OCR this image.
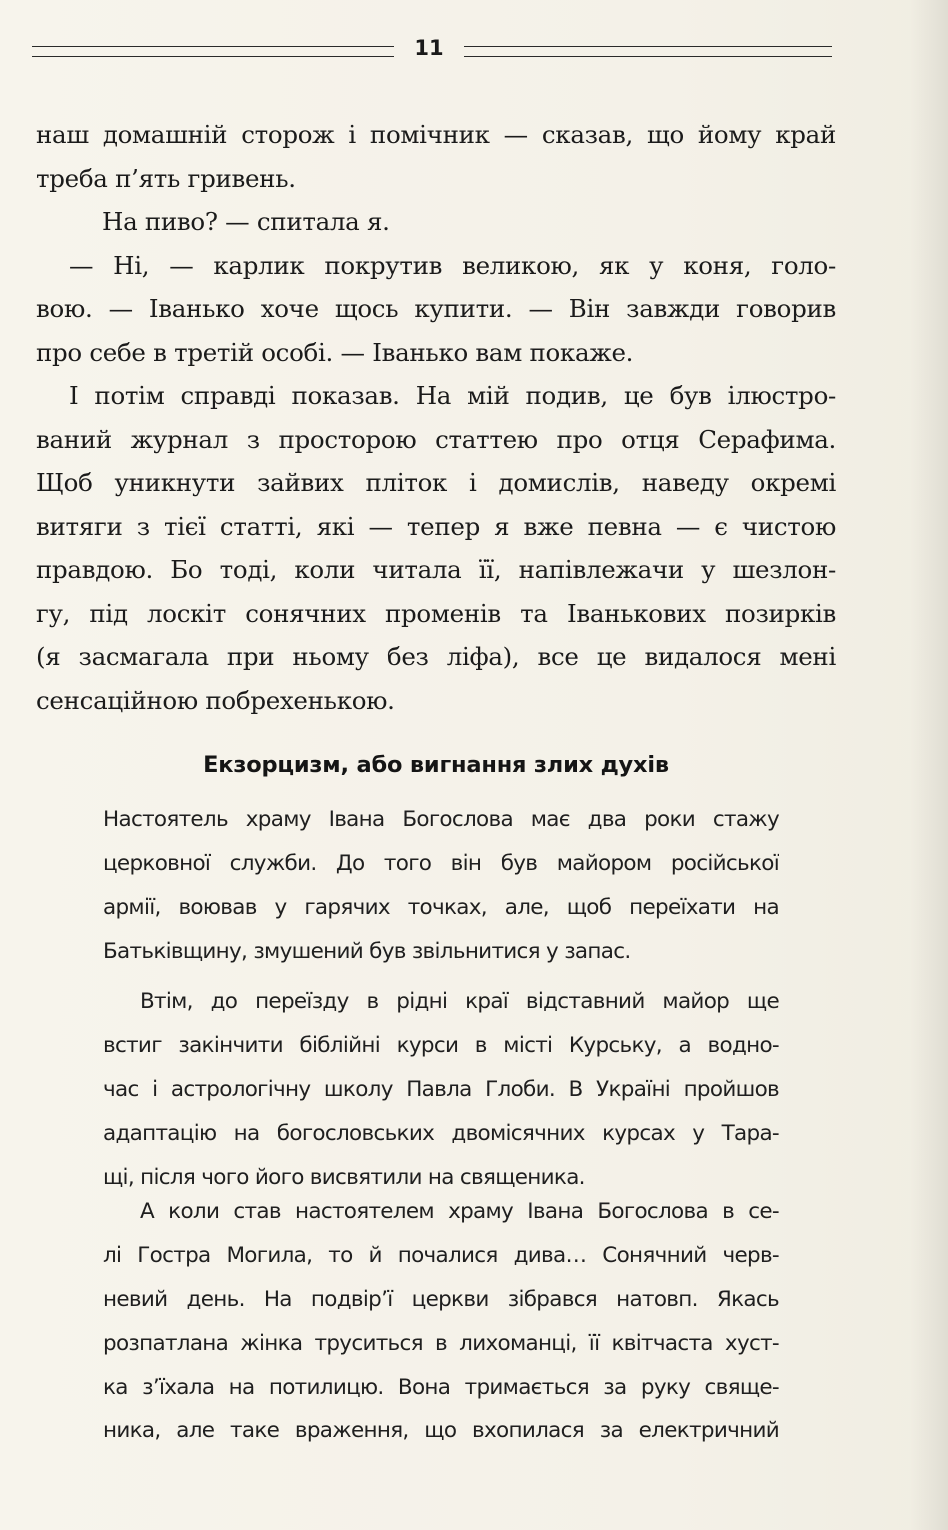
11
наш домашній сторож і помічник — сказав, що йому край
треба п’ять гривень.
На пиво? — спитала я.
— Ні, — карлик покрутив великою, як у коня, голо-
вою. — Іванько хоче щось купити. — Він завжди говорив
про себе в третій особі. — Іванько вам покаже.
І потім справді показав. На мій подив, це був ілюстро-
ваний журнал з просторою статтею про отця Серафима.
Щоб уникнути зайвих пліток і домислів, наведу окремі
витяги з тієї статті, які — тепер я вже певна — є чистою
правдою. Бо тоді, коли читала її, напівлежачи у шезлон-
гу, під лоскіт сонячних променів та Іванькових позирків
(я засмагала при ньому без ліфа), все це видалося мені
сенсаційною побрехенькою.
Екзорцизм, або вигнання злих духів
Настоятель храму Івана Богослова має два роки стажу
церковної служби. До того він був майором російської
армії, воював у гарячих точках, але, щоб переїхати на
Батьківщину, змушений був звільнитися у запас.
Втім, до переїзду в рідні краї відставний майор ще
встиг закінчити біблійні курси в місті Курську, а водно-
час і астрологічну школу Павла Глоби. В Україні пройшов
адаптацію на богословських двомісячних курсах у Тара-
щі, після чого його висвятили на священика.
А коли став настоятелем храму Івана Богослова в се-
лі Гостра Могила, то й почалися дива… Сонячний черв-
невий день. На подвір’ї церкви зібрався натовп. Якась
розпатлана жінка труситься в лихоманці, її квітчаста хуст-
ка з’їхала на потилицю. Вона тримається за руку свяще-
ника, але таке враження, що вхопилася за електричний
